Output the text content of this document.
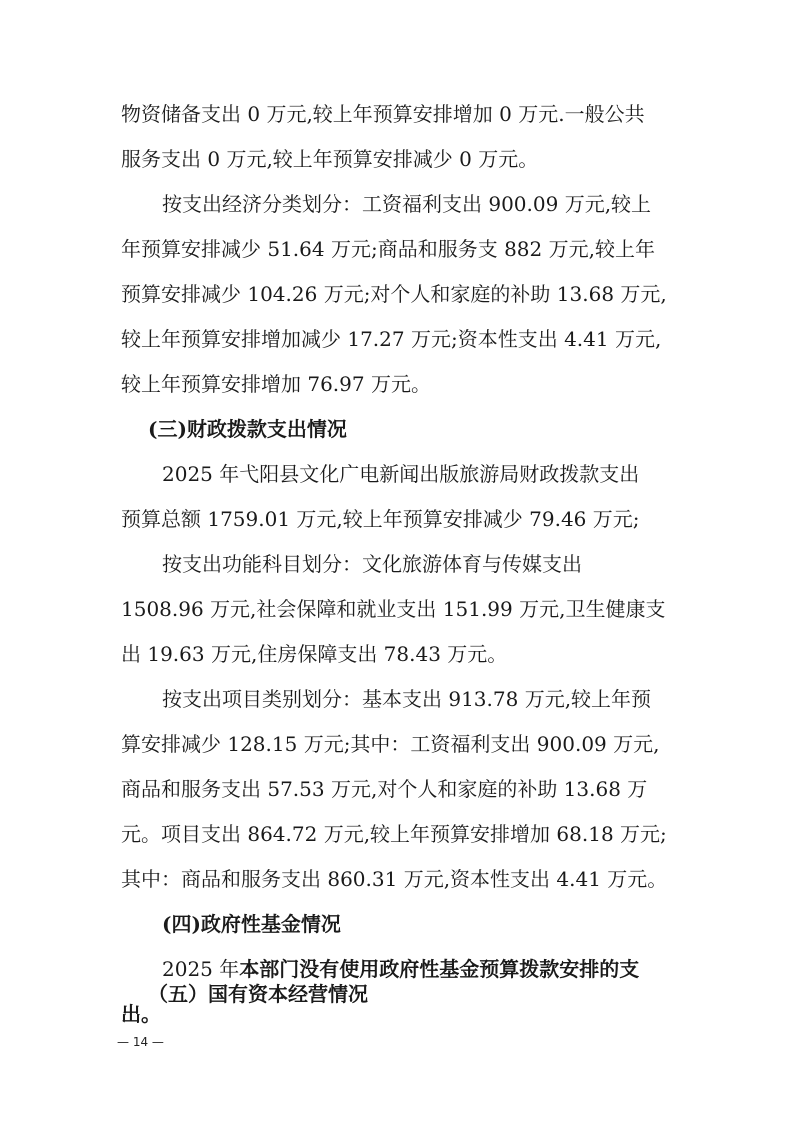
物资储备支出 0 万元,较上年预算安排增加 0 万元.一般公共
服务支出 0 万元,较上年预算安排减少 0 万元。
按支出经济分类划分：工资福利支出 900.09 万元,较上
年预算安排减少 51.64 万元;商品和服务支 882 万元,较上年
预算安排减少 104.26 万元;对个人和家庭的补助 13.68 万元,
较上年预算安排增加减少 17.27 万元;资本性支出 4.41 万元,
较上年预算安排增加 76.97 万元。
(三)财政拨款支出情况
2025 年弋阳县文化广电新闻出版旅游局财政拨款支出
预算总额 1759.01 万元,较上年预算安排减少 79.46 万元;
按支出功能科目划分：文化旅游体育与传媒支出
1508.96 万元,社会保障和就业支出 151.99 万元,卫生健康支
出 19.63 万元,住房保障支出 78.43 万元。
按支出项目类别划分：基本支出 913.78 万元,较上年预
算安排减少 128.15 万元;其中：工资福利支出 900.09 万元,
商品和服务支出 57.53 万元,对个人和家庭的补助 13.68 万
元。项目支出 864.72 万元,较上年预算安排增加 68.18 万元;
其中：商品和服务支出 860.31 万元,资本性支出 4.41 万元。
(四)政府性基金情况
2025 年本部门没有使用政府性基金预算拨款安排的支
出。
— 14 —
（五）国有资本经营情况
